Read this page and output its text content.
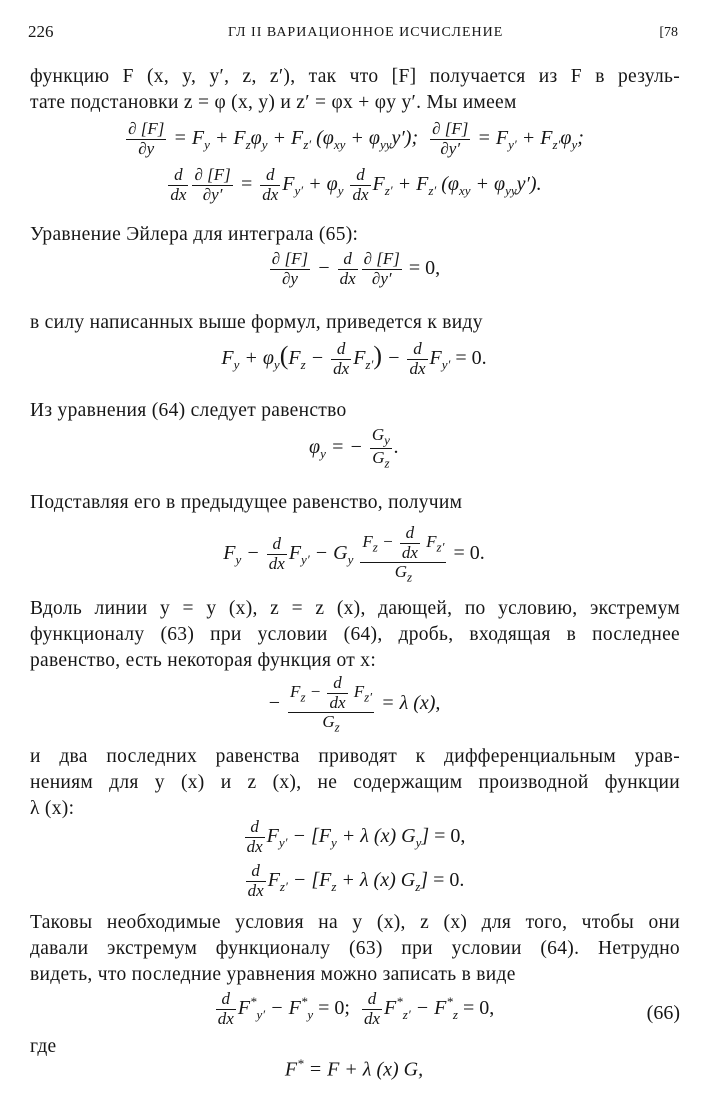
226	ГЛ II ВАРИАЦИОННОЕ ИСЧИСЛЕНИЕ	[78
функцию F (x, y, y′, z, z′), так что [F] получается из F в резуль-
тате подстановки z = φ (x, y) и z′ = φx + φy y′. Мы имеем
$\frac{\partial [F]}{\partial y} = F_y + F_z\varphi_y + F_{z'}$ $(\varphi_{xy} + \varphi_{yy}y')$; $\frac{\partial [F]}{\partial y'} = F_{y'} + F_{z'}\varphi_y$;
$\frac{d}{dx} \frac{\partial [F]}{\partial y'} = \frac{d}{dx} F_{y'} + \varphi_y \frac{d}{dx} F_{z'} + F_{z'}$ $(\varphi_{xy} + \varphi_{yy}y')$.
Уравнение Эйлера для интеграла (65):
$\frac{\partial [F]}{\partial y} - \frac{d}{dx} \frac{\partial [F]}{\partial y'} = 0$,
в силу написанных выше формул, приведется к виду
$F_y + \varphi_y(F_z - \frac{d}{dx} F_{z'}) - \frac{d}{dx} F_{y'} = 0$.
Из уравнения (64) следует равенство
$\varphi_y$ = − $\frac{G_y}{G_z}$ .
Подставляя его в предыдущее равенство, получим
$F_y - \frac{d}{dx} F_{y'} - G_y \frac{F_z - \frac{d}{dx} F_{z'}}{G_z} = 0$.
Вдоль линии y = y (x), z = z (x), дающей, по условию, экстремум
функционалу (63) при условии (64), дробь, входящая в последнее
равенство, есть некоторая функция от x:
− $\frac{F_z - \frac{d}{dx} F_{z'}}{G_z} = \lambda$ (x),
и два последних равенства приводят к дифференциальным урав-
нениям для y (x) и z (x), не содержащим производной функции
λ (x):
$\frac{d}{dx} F_{y'} - [F_y + \lambda$ (x) $G_y] = 0$,
$\frac{d}{dx} F_{z'} - [F_z + \lambda$ (x) $G_z] = 0$.
Таковы необходимые условия на y (x), z (x) для того, чтобы они
давали экстремум функционалу (63) при условии (64). Нетрудно
видеть, что последние уравнения можно записать в виде
$\frac{d}{dx} F^*_{y'} - F^*_y = 0$; $\frac{d}{dx} F^*_{z'} - F^*_z = 0$,	(66)
где
F* = F + λ (x) G,
